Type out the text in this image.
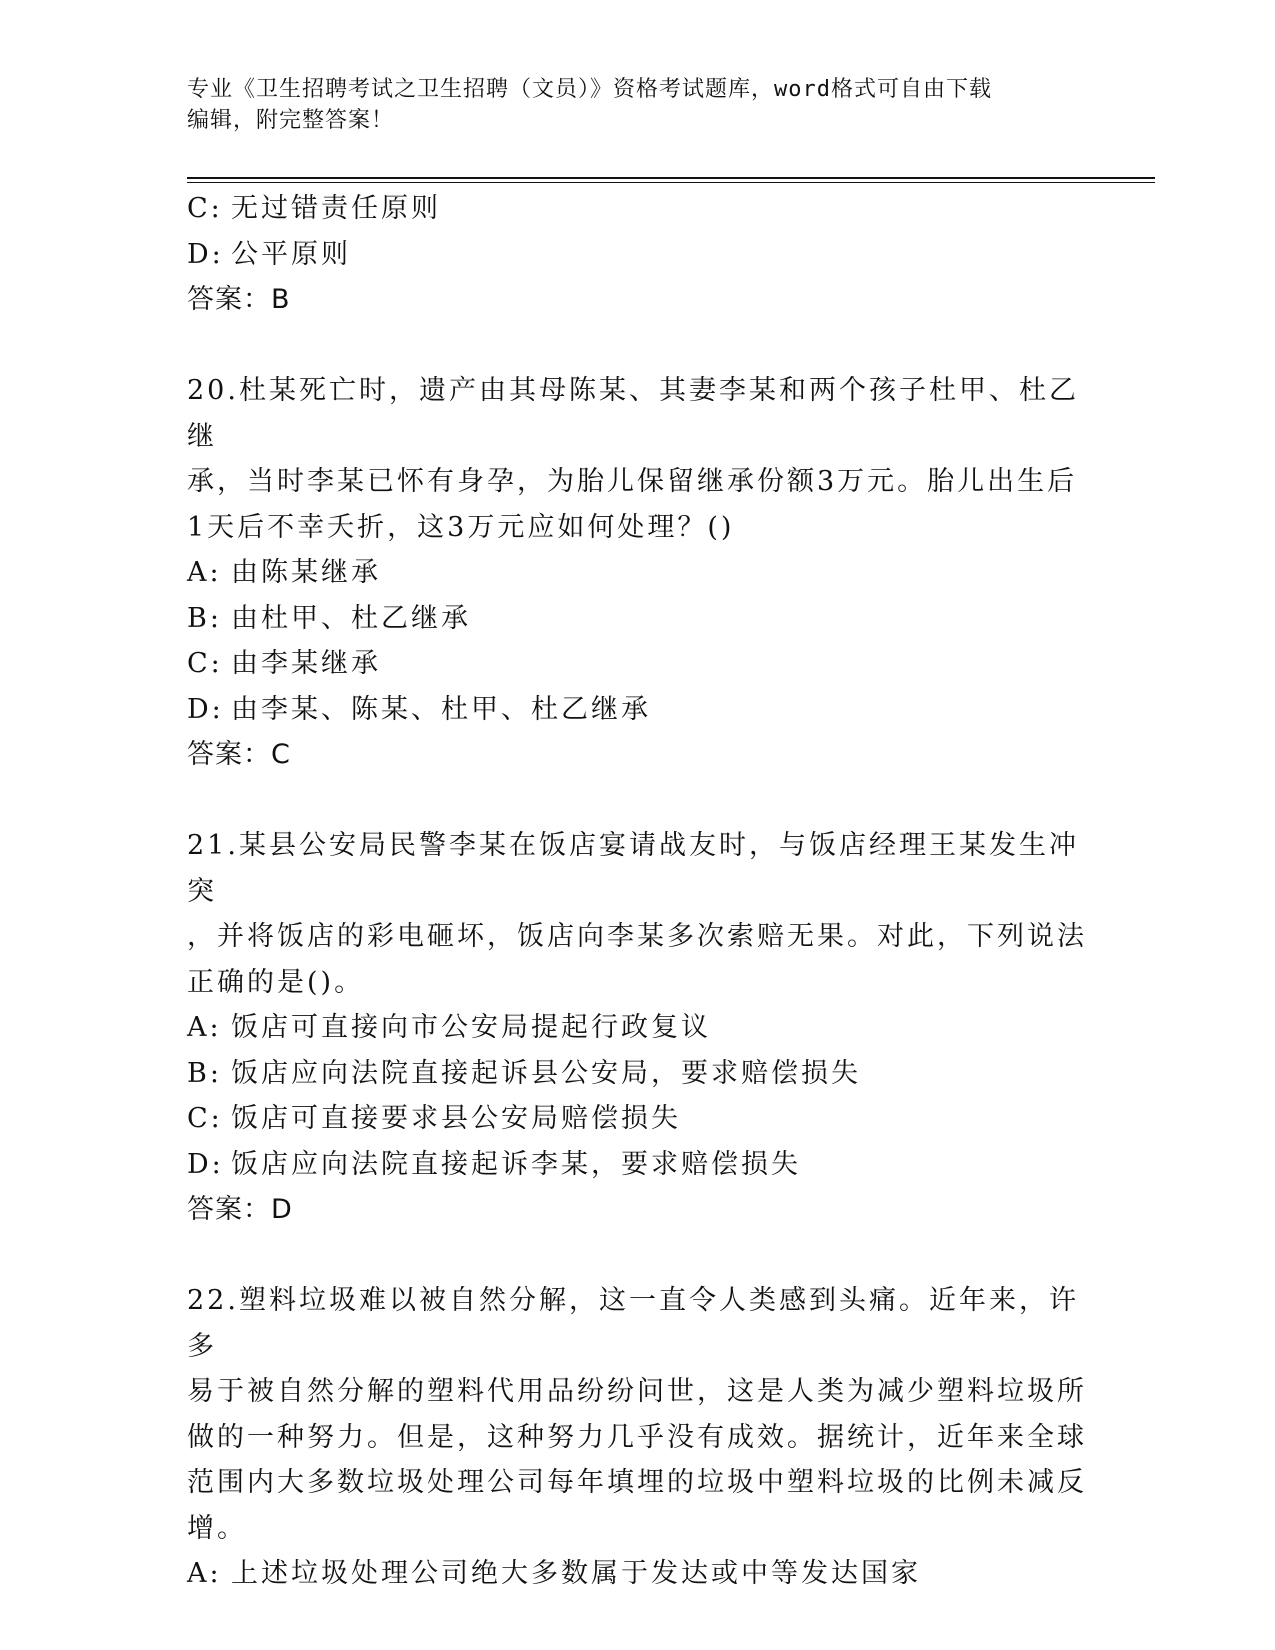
专业《卫生招聘考试之卫生招聘（文员）》资格考试题库，word格式可自由下载
编辑，附完整答案！
C: 无过错责任原则
D: 公平原则
答案：B
20.杜某死亡时，遗产由其母陈某、其妻李某和两个孩子杜甲、杜乙继
承，当时李某已怀有身孕，为胎儿保留继承份额3万元。胎儿出生后
1天后不幸夭折，这3万元应如何处理？()
A: 由陈某继承
B: 由杜甲、杜乙继承
C: 由李某继承
D: 由李某、陈某、杜甲、杜乙继承
答案：C
21.某县公安局民警李某在饭店宴请战友时，与饭店经理王某发生冲突
，并将饭店的彩电砸坏，饭店向李某多次索赔无果。对此，下列说法
正确的是()。
A: 饭店可直接向市公安局提起行政复议
B: 饭店应向法院直接起诉县公安局，要求赔偿损失
C: 饭店可直接要求县公安局赔偿损失
D: 饭店应向法院直接起诉李某，要求赔偿损失
答案：D
22.塑料垃圾难以被自然分解，这一直令人类感到头痛。近年来，许多
易于被自然分解的塑料代用品纷纷问世，这是人类为减少塑料垃圾所
做的一种努力。但是，这种努力几乎没有成效。据统计，近年来全球
范围内大多数垃圾处理公司每年填埋的垃圾中塑料垃圾的比例未减反
增。
A: 上述垃圾处理公司绝大多数属于发达或中等发达国家
